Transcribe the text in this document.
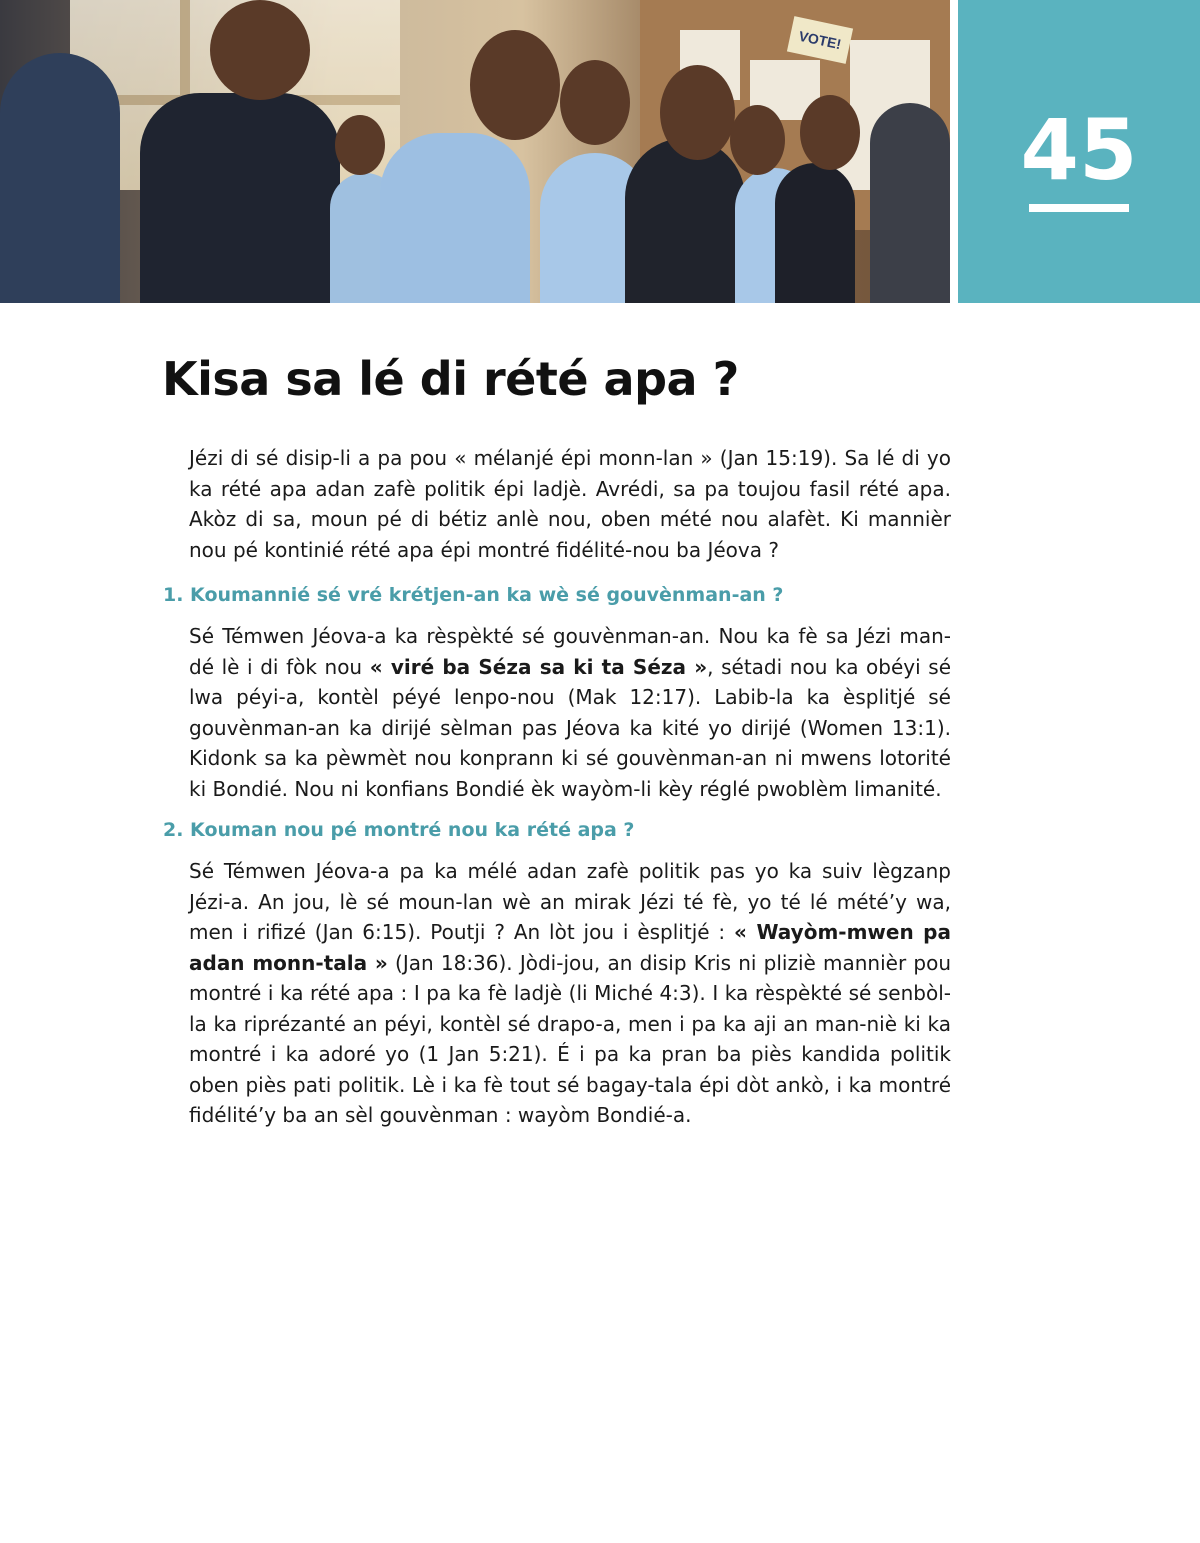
VOTE!
45
Kisa sa lé di rété apa ?

Jézi di sé disip-li a pa pou « mélanjé épi monn-lan » (Jan 15:19). Sa lé di yo ka rété apa adan zafè politik épi ladjè. Avrédi, sa pa toujou fasil rété apa. Akòz di sa, moun pé di bétiz anlè nou, oben mété nou alafèt. Ki mannièr nou pé kontinié rété apa épi montré fidélité-nou ba Jéova ?

1. Koumannié sé vré krétjen-an ka wè sé gouvènman-an ?

Sé Témwen Jéova-a ka rèspèkté sé gouvènman-an. Nou ka fè sa Jézi man-dé lè i di fòk nou « viré ba Séza sa ki ta Séza », sétadi nou ka obéyi sé lwa péyi-a, kontèl péyé lenpo-nou (Mak 12:17). Labib-la ka èsplitjé sé gouvènman-an ka dirijé sèlman pas Jéova ka kité yo dirijé (Women 13:1). Kidonk sa ka pèwmèt nou konprann ki sé gouvènman-an ni mwens lotorité ki Bondié. Nou ni konfians Bondié èk wayòm-li kèy réglé pwoblèm limanité.

2. Kouman nou pé montré nou ka rété apa ?

Sé Témwen Jéova-a pa ka mélé adan zafè politik pas yo ka suiv lègzanp Jézi-a. An jou, lè sé moun-lan wè an mirak Jézi té fè, yo té lé mété’y wa, men i rifizé (Jan 6:15). Poutji ? An lòt jou i èsplitjé : « Wayòm-mwen pa adan monn-tala » (Jan 18:36). Jòdi-jou, an disip Kris ni pliziè mannièr pou montré i ka rété apa : I pa ka fè ladjè (li Miché 4:3). I ka rèspèkté sé senbòl-la ka riprézanté an péyi, kontèl sé drapo-a, men i pa ka aji an man-niè ki ka montré i ka adoré yo (1 Jan 5:21). É i pa ka pran ba piès kandida politik oben piès pati politik. Lè i ka fè tout sé bagay-tala épi dòt ankò, i ka montré fidélité’y ba an sèl gouvènman : wayòm Bondié-a.
